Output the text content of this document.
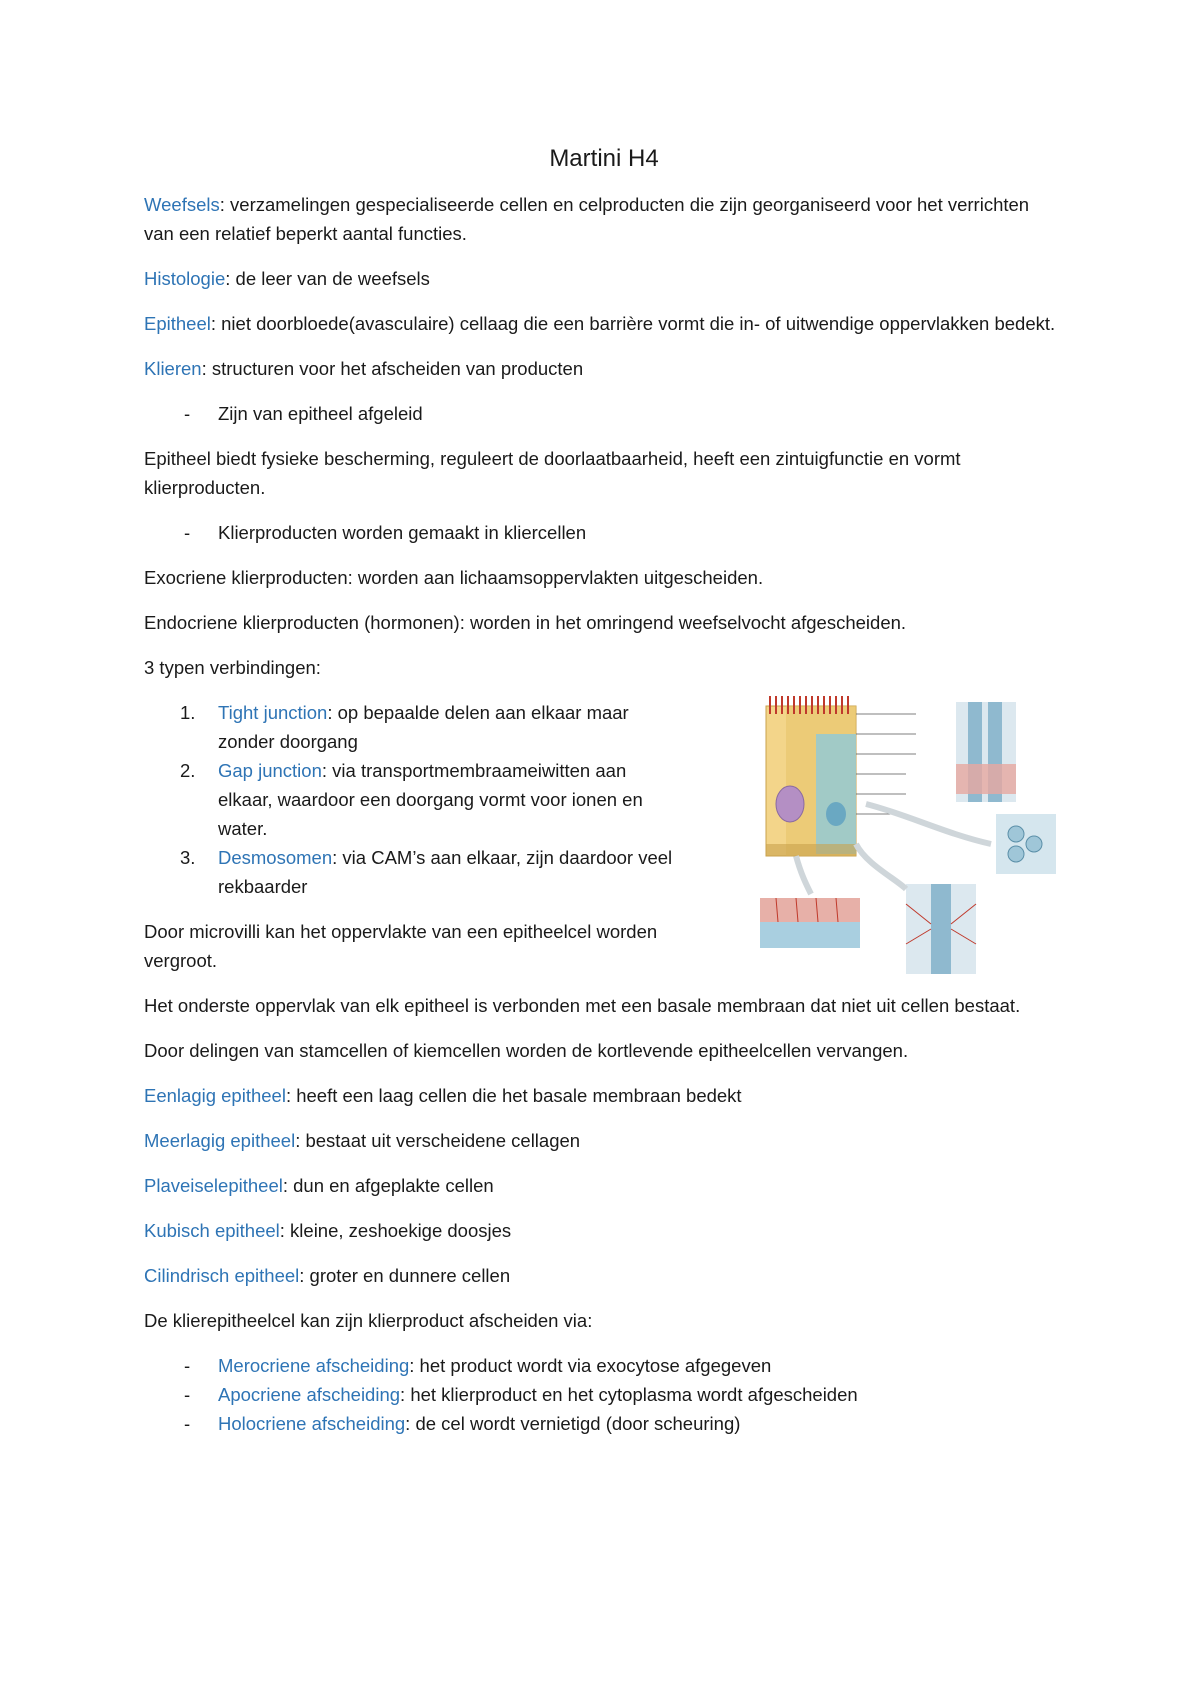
Martini H4

Weefsels: verzamelingen gespecialiseerde cellen en celproducten die zijn georganiseerd voor het verrichten van een relatief beperkt aantal functies.

Histologie: de leer van de weefsels

Epitheel: niet doorbloede(avasculaire) cellaag die een barrière vormt die in- of uitwendige oppervlakken bedekt.

Klieren: structuren voor het afscheiden van producten

- Zijn van epitheel afgeleid

Epitheel biedt fysieke bescherming, reguleert de doorlaatbaarheid, heeft een zintuigfunctie en vormt klierproducten.

- Klierproducten worden gemaakt in kliercellen

Exocriene klierproducten: worden aan lichaamsoppervlakten uitgescheiden.

Endocriene klierproducten (hormonen): worden in het omringend weefselvocht afgescheiden.

3 typen verbindingen:

1. Tight junction: op bepaalde delen aan elkaar maar zonder doorgang
2. Gap junction: via transportmembraameiwitten aan elkaar, waardoor een doorgang vormt voor ionen en water.
3. Desmosomen: via CAM’s aan elkaar, zijn daardoor veel rekbaarder

Door microvilli kan het oppervlakte van een epitheelcel worden vergroot.

Het onderste oppervlak van elk epitheel is verbonden met een basale membraan dat niet uit cellen bestaat.

Door delingen van stamcellen of kiemcellen worden de kortlevende epitheelcellen vervangen.

Eenlagig epitheel: heeft een laag cellen die het basale membraan bedekt

Meerlagig epitheel: bestaat uit verscheidene cellagen

Plaveiselepitheel: dun en afgeplakte cellen

Kubisch epitheel: kleine, zeshoekige doosjes

Cilindrisch epitheel: groter en dunnere cellen

De klierepitheelcel kan zijn klierproduct afscheiden via:

- Merocriene afscheiding: het product wordt via exocytose afgegeven
- Apocriene afscheiding: het klierproduct en het cytoplasma wordt afgescheiden
- Holocriene afscheiding: de cel wordt vernietigd (door scheuring)
